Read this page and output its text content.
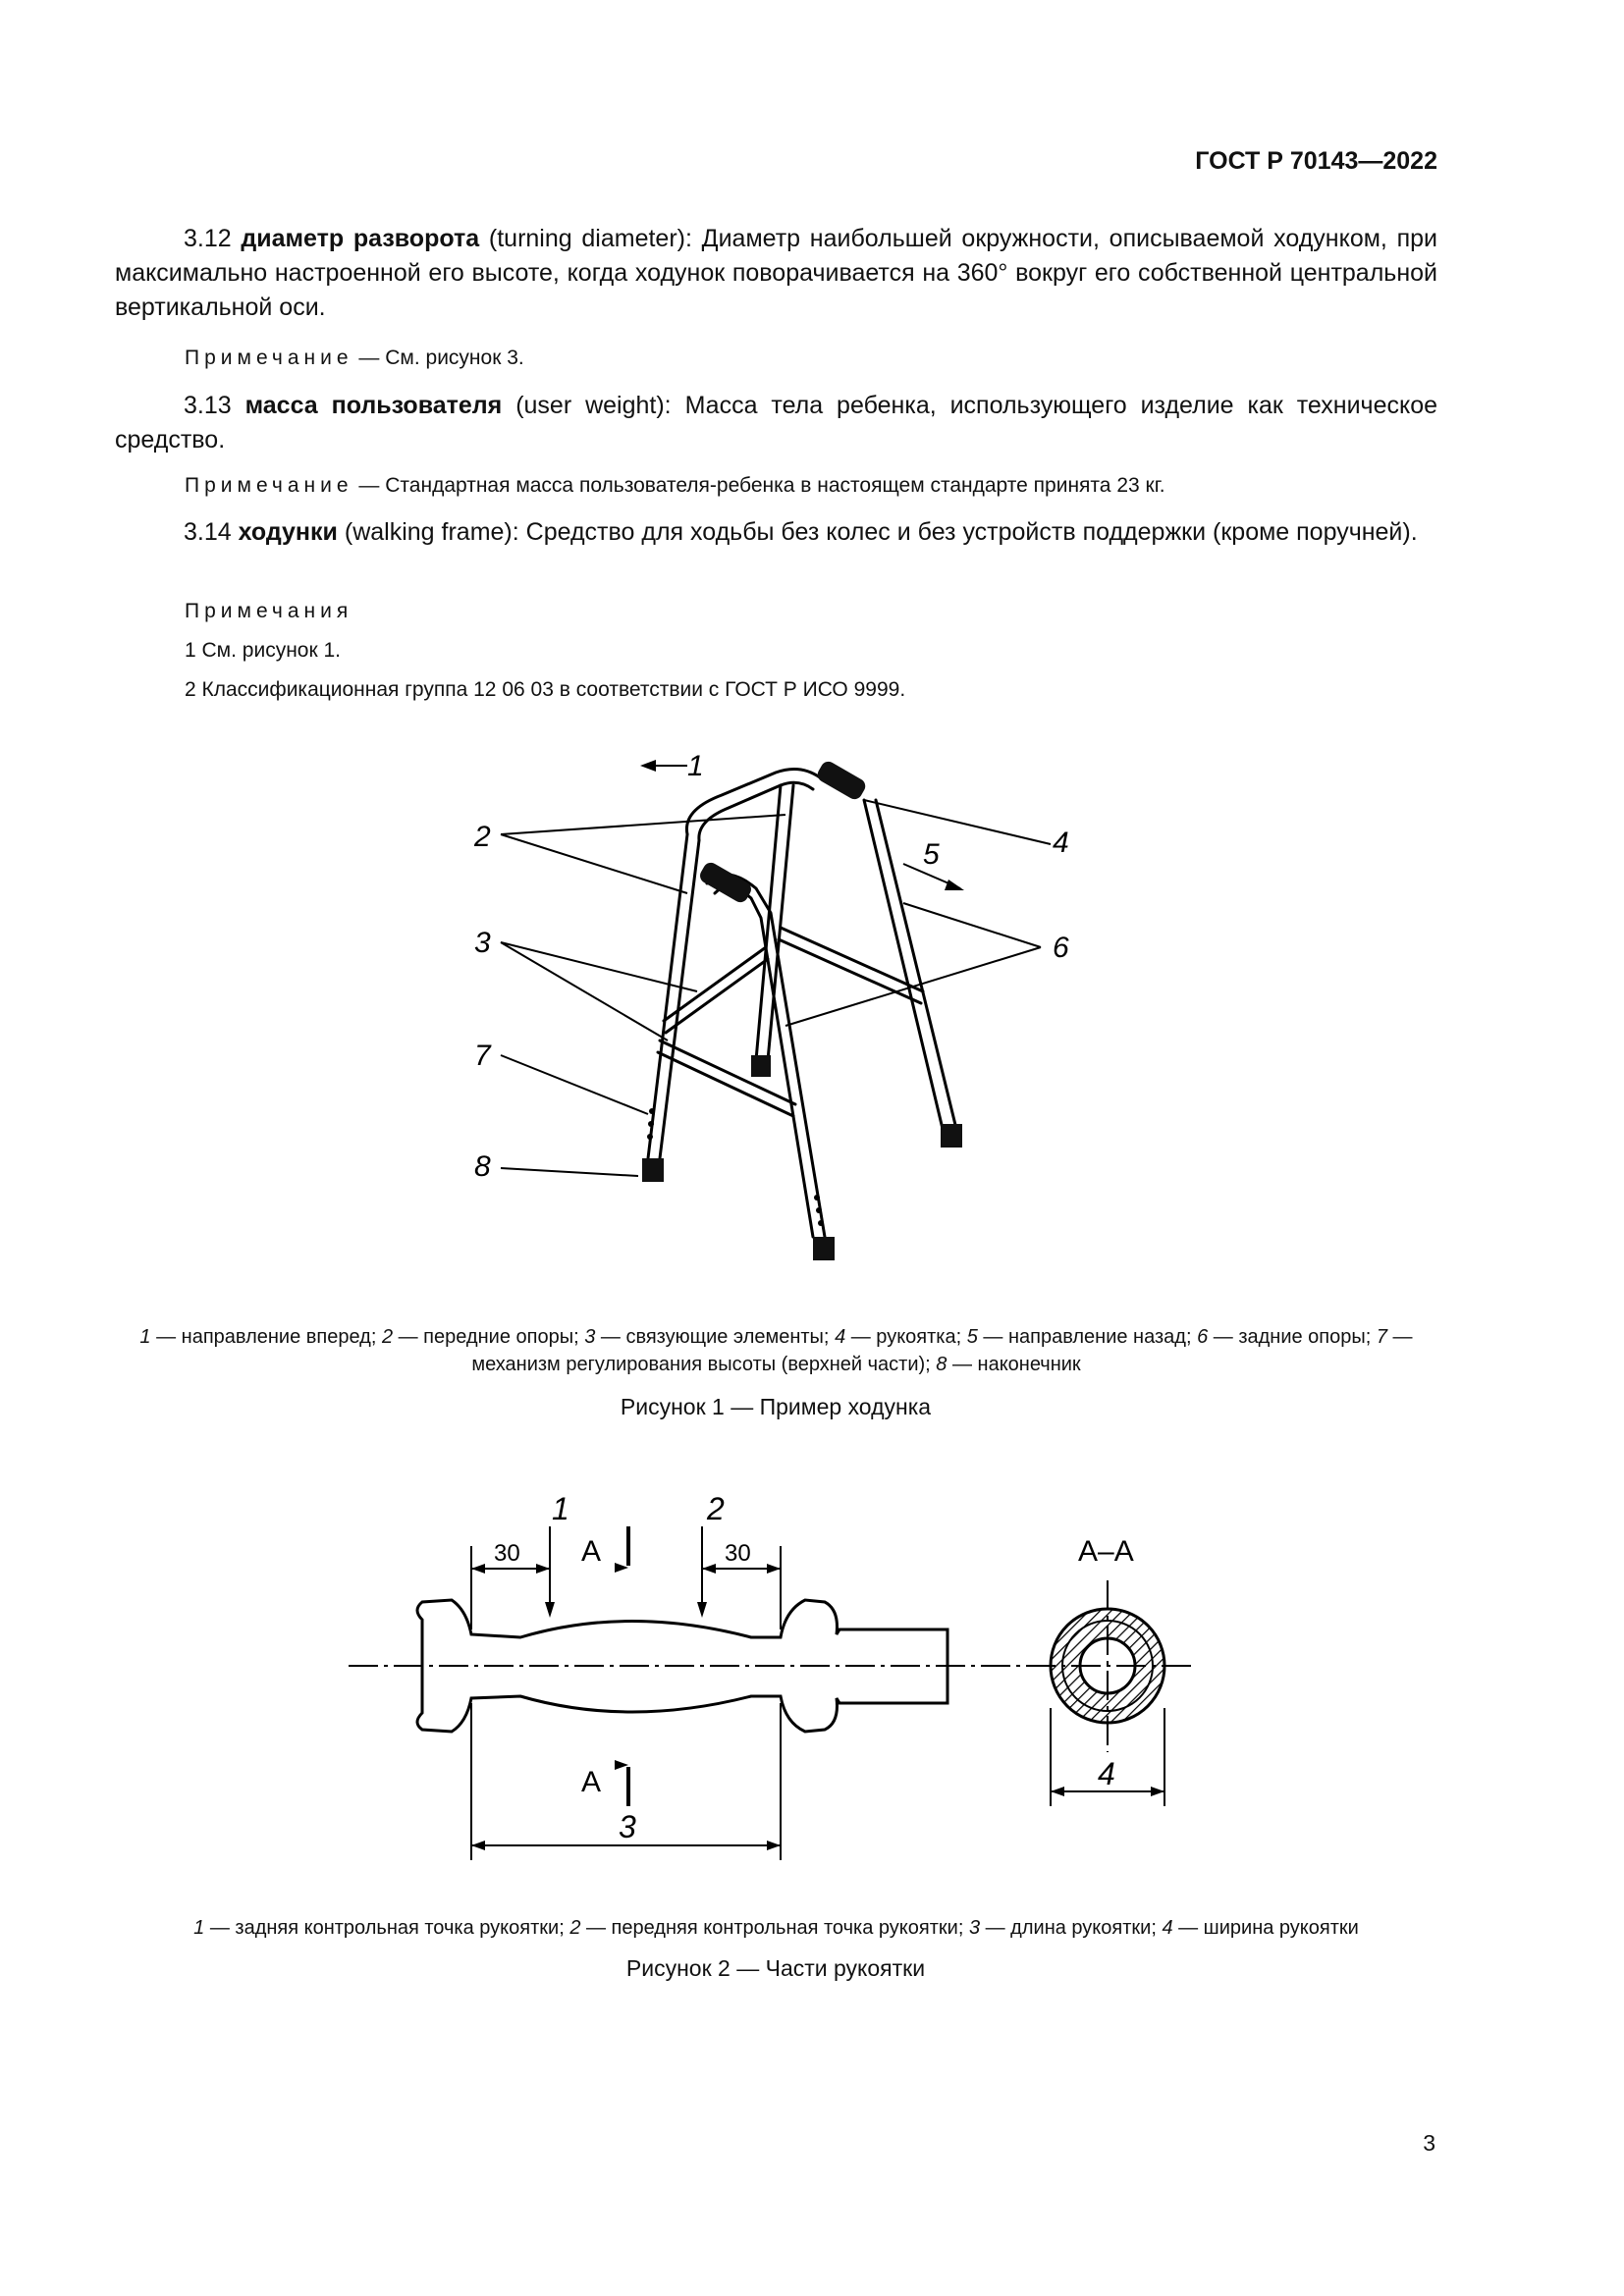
ГОСТ Р 70143—2022
3.12 диаметр разворота (turning diameter): Диаметр наибольшей окружности, описываемой ходунком, при максимально настроенной его высоте, когда ходунок поворачивается на 360° вокруг его собственной центральной вертикальной оси.
Примечание — См. рисунок 3.
3.13 масса пользователя (user weight): Масса тела ребенка, использующего изделие как техническое средство.
Примечание — Стандартная масса пользователя-ребенка в настоящем стандарте принята 23 кг.
3.14 ходунки (walking frame): Средство для ходьбы без колес и без устройств поддержки (кроме поручней).
Примечания
1 См. рисунок 1.
2 Классификационная группа 12 06 03 в соответствии с ГОСТ Р ИСО 9999.
1
2
3
4
5
6
7
8
1 — направление вперед; 2 — передние опоры; 3 — связующие элементы; 4 — рукоятка; 5 — направление назад; 6 — задние опоры; 7 — механизм регулирования высоты (верхней части); 8 — наконечник
Рисунок 1 — Пример ходунка
30	30
А
А
А–А
1	2
3
4
1 — задняя контрольная точка рукоятки; 2 — передняя контрольная точка рукоятки; 3 — длина рукоятки; 4 — ширина рукоятки
Рисунок 2 — Части рукоятки
3
